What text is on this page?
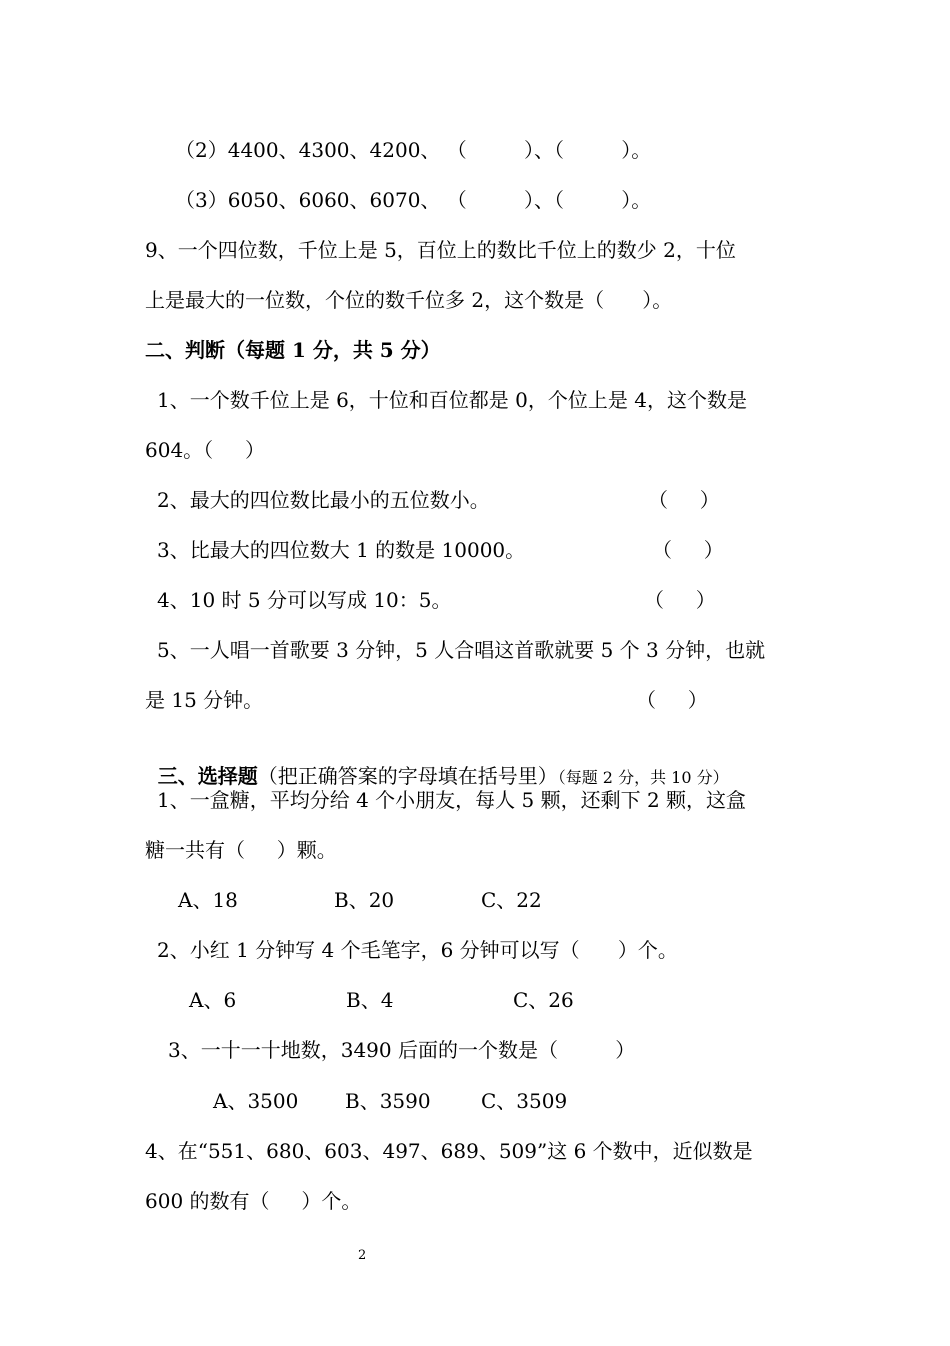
（2）4400、4300、4200、 （         ）、（         ）。
（3）6050、6060、6070、 （         ）、（         ）。
9、一个四位数，千位上是 5，百位上的数比千位上的数少 2，十位
上是最大的一位数，个位的数千位多 2，这个数是（      ）。
二、判断（每题 1 分，共 5 分）
1、一个数千位上是 6，十位和百位都是 0，个位上是 4，这个数是
604。（     ）
2、最大的四位数比最小的五位数小。	（     ）
3、比最大的四位数大 1 的数是 10000。	（     ）
4、10 时 5 分可以写成 10：5。	（     ）
5、一人唱一首歌要 3 分钟，5 人合唱这首歌就要 5 个 3 分钟，也就
是 15 分钟。	（     ）

三、选择题（把正确答案的字母填在括号里）（每题 2 分，共 10 分）

1、一盒糖，平均分给 4 个小朋友，每人 5 颗，还剩下 2 颗，这盒
糖一共有（     ）颗。
A、18	B、20	C、22
2、小红 1 分钟写 4 个毛笔字，6 分钟可以写（      ）个。
A、6	B、4	C、26
3、一十一十地数，3490 后面的一个数是（         ）
A、3500 B、3590	C、3509
4、在“551、680、603、497、689、509”这 6 个数中，近似数是
600 的数有（     ）个。
2
